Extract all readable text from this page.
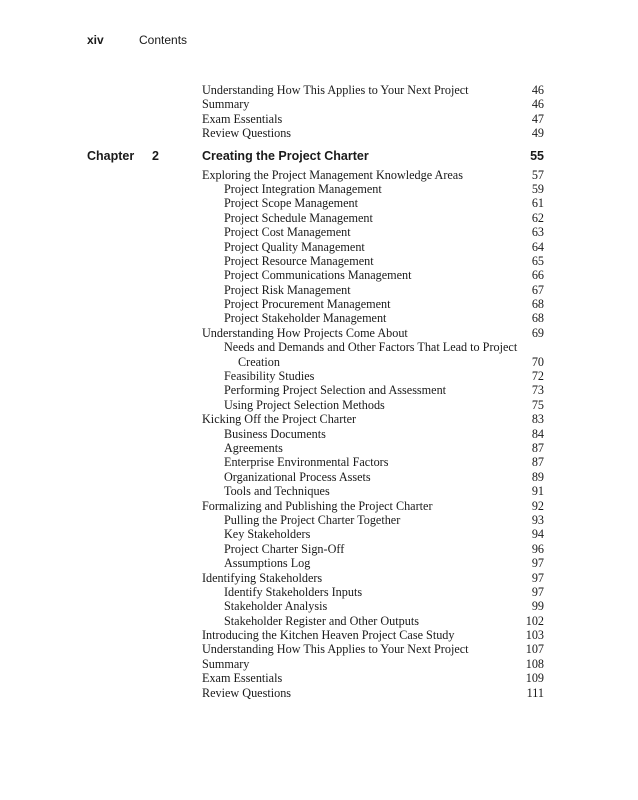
xiv	Contents
Understanding How This Applies to Your Next Project	46
Summary	46
Exam Essentials	47
Review Questions	49
Chapter 2	Creating the Project Charter	55
Exploring the Project Management Knowledge Areas	57
Project Integration Management	59
Project Scope Management	61
Project Schedule Management	62
Project Cost Management	63
Project Quality Management	64
Project Resource Management	65
Project Communications Management	66
Project Risk Management	67
Project Procurement Management	68
Project Stakeholder Management	68
Understanding How Projects Come About	69
Needs and Demands and Other Factors That Lead to Project
Creation	70
Feasibility Studies	72
Performing Project Selection and Assessment	73
Using Project Selection Methods	75
Kicking Off the Project Charter	83
Business Documents	84
Agreements	87
Enterprise Environmental Factors	87
Organizational Process Assets	89
Tools and Techniques	91
Formalizing and Publishing the Project Charter	92
Pulling the Project Charter Together	93
Key Stakeholders	94
Project Charter Sign-Off	96
Assumptions Log	97
Identifying Stakeholders	97
Identify Stakeholders Inputs	97
Stakeholder Analysis	99
Stakeholder Register and Other Outputs	102
Introducing the Kitchen Heaven Project Case Study	103
Understanding How This Applies to Your Next Project	107
Summary	108
Exam Essentials	109
Review Questions	111
